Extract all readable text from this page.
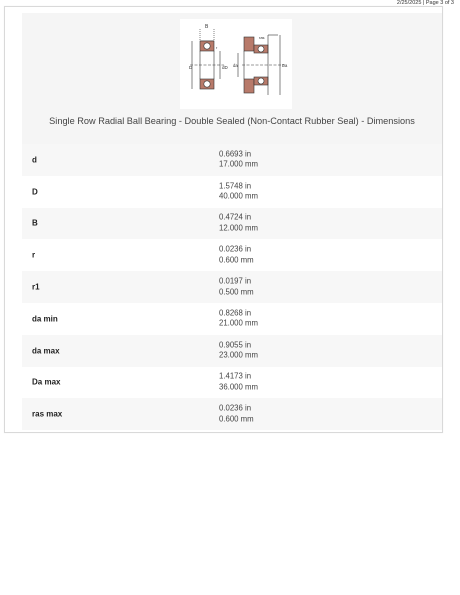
2/25/2025 | Page 3 of 3
B
D	dD
r
ras
da	Da
Single Row Radial Ball Bearing - Double Sealed (Non-Contact Rubber Seal) - Dimensions
d
0.6693 in
17.000 mm
D
1.5748 in
40.000 mm
B
0.4724 in
12.000 mm
r
0.0236 in
0.600 mm
r1
0.0197 in
0.500 mm
da min
0.8268 in
21.000 mm
da max
0.9055 in
23.000 mm
Da max
1.4173 in
36.000 mm
ras max
0.0236 in
0.600 mm
